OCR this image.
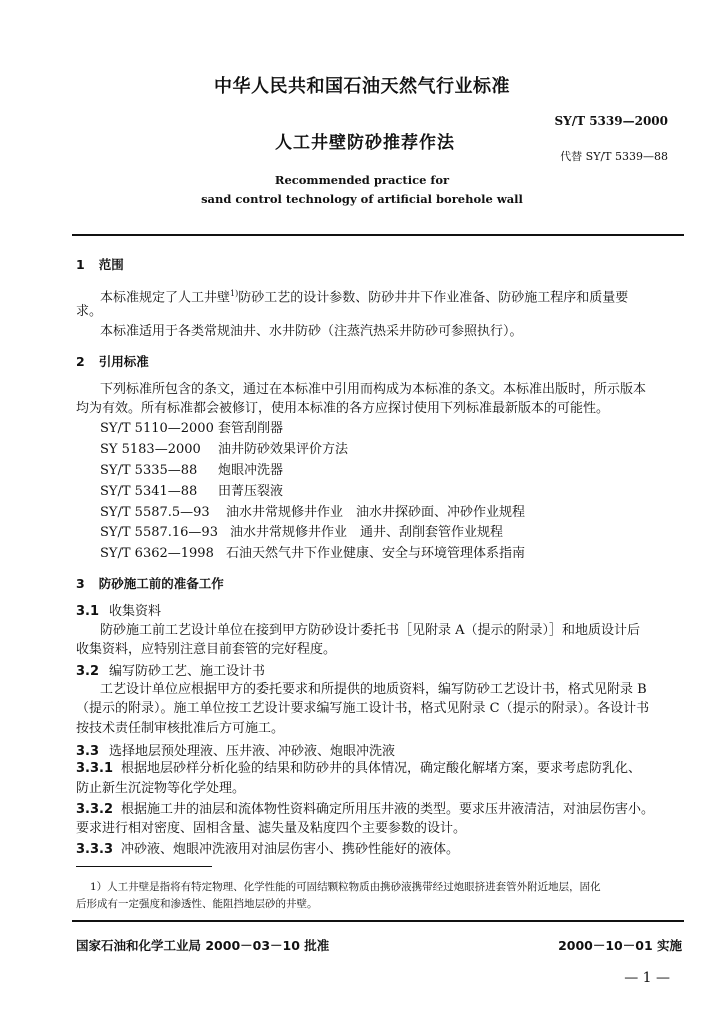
中华人民共和国石油天然气行业标准
SY/T 5339—2000
人工井壁防砂推荐作法
代替 SY/T 5339—88
Recommended practice for
sand control technology of artificial borehole wall
1 范围
本标准规定了人工井壁$^{1)}$防砂工艺的设计参数、防砂井井下作业准备、防砂施工程序和质量要
求。
本标准适用于各类常规油井、水井防砂（注蒸汽热采井防砂可参照执行）。
2 引用标准
下列标准所包含的条文，通过在本标准中引用而构成为本标准的条文。本标准出版时，所示版本
均为有效。所有标准都会被修订，使用本标准的各方应探讨使用下列标准最新版本的可能性。
SY/T 5110—2000 套管刮削器
SY 5183—2000 油井防砂效果评价方法
SY/T 5335—88 炮眼冲洗器
SY/T 5341—88 田菁压裂液
SY/T 5587.5—93 油水井常规修井作业　油水井探砂面、冲砂作业规程
SY/T 5587.16—93 油水井常规修井作业　通井、刮削套管作业规程
SY/T 6362—1998 石油天然气井下作业健康、安全与环境管理体系指南
3 防砂施工前的准备工作
3.1 收集资料
防砂施工前工艺设计单位在接到甲方防砂设计委托书［见附录 A（提示的附录）］和地质设计后
收集资料，应特别注意目前套管的完好程度。
3.2 编写防砂工艺、施工设计书
工艺设计单位应根据甲方的委托要求和所提供的地质资料，编写防砂工艺设计书，格式见附录 B
（提示的附录）。施工单位按工艺设计要求编写施工设计书，格式见附录 C（提示的附录）。各设计书
按技术责任制审核批准后方可施工。
3.3 选择地层预处理液、压井液、冲砂液、炮眼冲洗液
3.3.1 根据地层砂样分析化验的结果和防砂井的具体情况，确定酸化解堵方案，要求考虑防乳化、
防止新生沉淀物等化学处理。
3.3.2 根据施工井的油层和流体物性资料确定所用压井液的类型。要求压井液清洁，对油层伤害小。
要求进行相对密度、固相含量、滤失量及粘度四个主要参数的设计。
3.3.3 冲砂液、炮眼冲洗液用对油层伤害小、携砂性能好的液体。
1）人工井壁是指将有特定物理、化学性能的可固结颗粒物质由携砂液携带经过炮眼挤进套管外附近地层，固化
后形成有一定强度和渗透性、能阻挡地层砂的井壁。
国家石油和化学工业局 2000－03－10 批准	2000－10－01 实施
— 1 —
